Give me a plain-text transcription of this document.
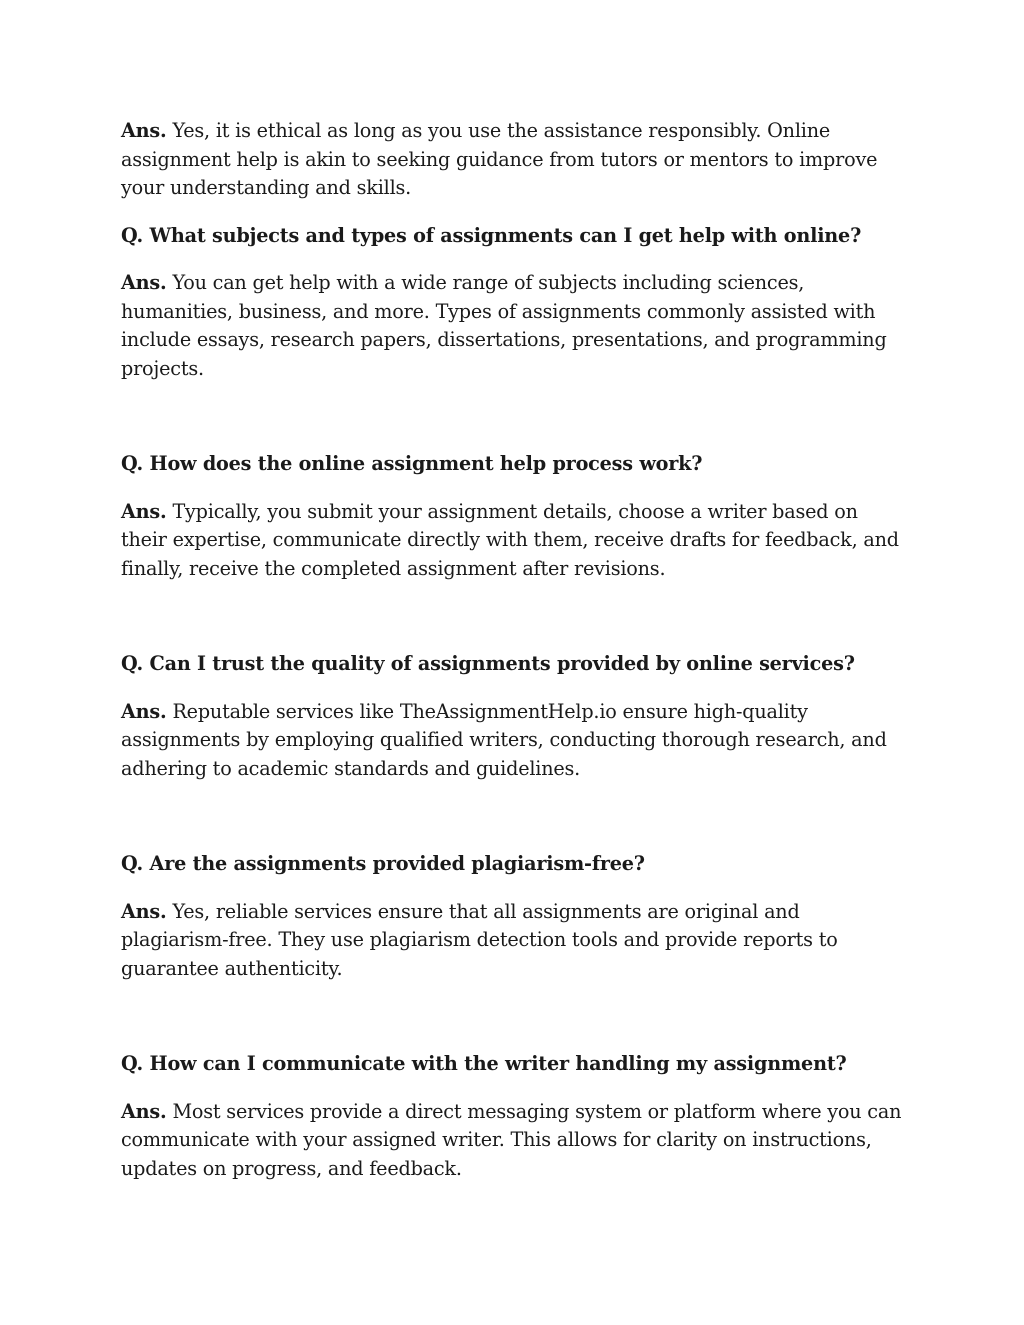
Ans. Yes, it is ethical as long as you use the assistance responsibly. Online assignment help is akin to seeking guidance from tutors or mentors to improve your understanding and skills.

Q. What subjects and types of assignments can I get help with online?

Ans. You can get help with a wide range of subjects including sciences, humanities, business, and more. Types of assignments commonly assisted with include essays, research papers, dissertations, presentations, and programming projects.

Q. How does the online assignment help process work?

Ans. Typically, you submit your assignment details, choose a writer based on their expertise, communicate directly with them, receive drafts for feedback, and finally, receive the completed assignment after revisions.

Q. Can I trust the quality of assignments provided by online services?

Ans. Reputable services like TheAssignmentHelp.io ensure high-quality assignments by employing qualified writers, conducting thorough research, and adhering to academic standards and guidelines.

Q. Are the assignments provided plagiarism-free?

Ans. Yes, reliable services ensure that all assignments are original and plagiarism-free. They use plagiarism detection tools and provide reports to guarantee authenticity.

Q. How can I communicate with the writer handling my assignment?

Ans. Most services provide a direct messaging system or platform where you can communicate with your assigned writer. This allows for clarity on instructions, updates on progress, and feedback.
